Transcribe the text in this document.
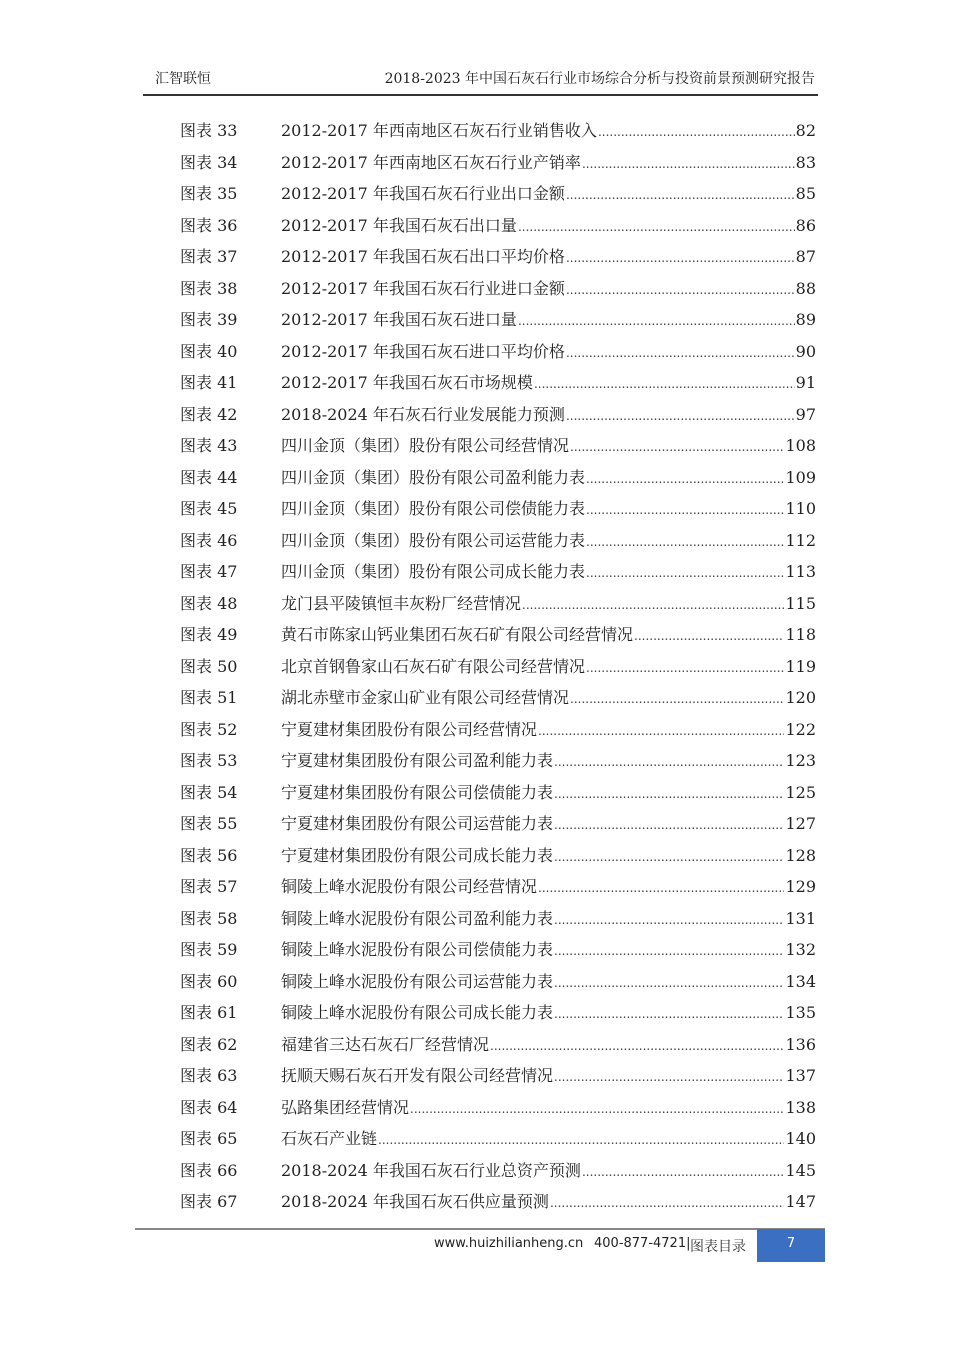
汇智联恒	2018-2023 年中国石灰石行业市场综合分析与投资前景预测研究报告
图表 33	2012-2017 年西南地区石灰石行业销售收入 .....	82
图表 34	2012-2017 年西南地区石灰石行业产销率 .....	83
图表 35	2012-2017 年我国石灰石行业出口金额 .....	85
图表 36	2012-2017 年我国石灰石出口量 .....	86
图表 37	2012-2017 年我国石灰石出口平均价格 .....	87
图表 38	2012-2017 年我国石灰石行业进口金额 .....	88
图表 39	2012-2017 年我国石灰石进口量 .....	89
图表 40	2012-2017 年我国石灰石进口平均价格 .....	90
图表 41	2012-2017 年我国石灰石市场规模 .....	91
图表 42	2018-2024 年石灰石行业发展能力预测 .....	97
图表 43	四川金顶（集团）股份有限公司经营情况 .....	108
图表 44	四川金顶（集团）股份有限公司盈利能力表 .....	109
图表 45	四川金顶（集团）股份有限公司偿债能力表 .....	110
图表 46	四川金顶（集团）股份有限公司运营能力表 .....	112
图表 47	四川金顶（集团）股份有限公司成长能力表 .....	113
图表 48	龙门县平陵镇恒丰灰粉厂经营情况 .....	115
图表 49	黄石市陈家山钙业集团石灰石矿有限公司经营情况 .....	118
图表 50	北京首钢鲁家山石灰石矿有限公司经营情况 .....	119
图表 51	湖北赤壁市金家山矿业有限公司经营情况 .....	120
图表 52	宁夏建材集团股份有限公司经营情况 .....	122
图表 53	宁夏建材集团股份有限公司盈利能力表 .....	123
图表 54	宁夏建材集团股份有限公司偿债能力表 .....	125
图表 55	宁夏建材集团股份有限公司运营能力表 .....	127
图表 56	宁夏建材集团股份有限公司成长能力表 .....	128
图表 57	铜陵上峰水泥股份有限公司经营情况 .....	129
图表 58	铜陵上峰水泥股份有限公司盈利能力表 .....	131
图表 59	铜陵上峰水泥股份有限公司偿债能力表 .....	132
图表 60	铜陵上峰水泥股份有限公司运营能力表 .....	134
图表 61	铜陵上峰水泥股份有限公司成长能力表 .....	135
图表 62	福建省三达石灰石厂经营情况 .....	136
图表 63	抚顺天赐石灰石开发有限公司经营情况 .....	137
图表 64	弘路集团经营情况 .....	138
图表 65	石灰石产业链 .....	140
图表 66	2018-2024 年我国石灰石行业总资产预测 .....	145
图表 67	2018-2024 年我国石灰石供应量预测 .....	147
www.huizhilianheng.cn 400-877-4721| 图表目录	7
